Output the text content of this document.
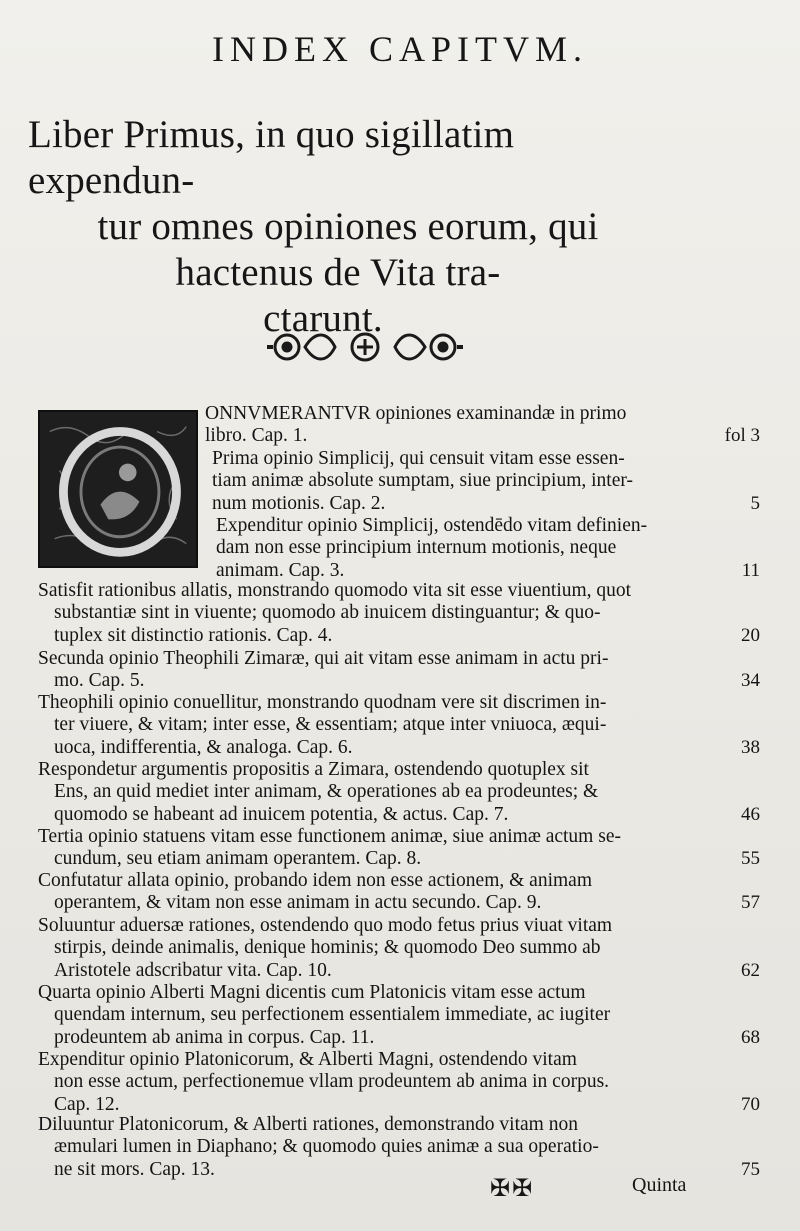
INDEX CAPITVM.
Liber Primus, in quo sigillatim expendun-
tur omnes opiniones eorum, qui
hactenus de Vita tra-
ctarunt.
ONNVMERANTVR opiniones examinandæ in primo
libro. Cap. 1.	fol 3
Prima opinio Simplicij, qui censuit vitam esse essen-
tiam animæ absolute sumptam, siue principium, inter-
num motionis. Cap. 2.	5
Expenditur opinio Simplicij, ostendēdo vitam definien-
dam non esse principium internum motionis, neque
animam. Cap. 3.	11
Satisfit rationibus allatis, monstrando quomodo vita sit esse viuentium, quot
substantiæ sint in viuente; quomodo ab inuicem distinguantur; & quo-
tuplex sit distinctio rationis. Cap. 4.	20
Secunda opinio Theophili Zimaræ, qui ait vitam esse animam in actu pri-
mo. Cap. 5.	34
Theophili opinio conuellitur, monstrando quodnam vere sit discrimen in-
ter viuere, & vitam; inter esse, & essentiam; atque inter vniuoca, æqui-
uoca, indifferentia, & analoga. Cap. 6.	38
Respondetur argumentis propositis a Zimara, ostendendo quotuplex sit
Ens, an quid mediet inter animam, & operationes ab ea prodeuntes; &
quomodo se habeant ad inuicem potentia, & actus. Cap. 7.	46
Tertia opinio statuens vitam esse functionem animæ, siue animæ actum se-
cundum, seu etiam animam operantem. Cap. 8.	55
Confutatur allata opinio, probando idem non esse actionem, & animam
operantem, & vitam non esse animam in actu secundo. Cap. 9.	57
Soluuntur aduersæ rationes, ostendendo quo modo fetus prius viuat vitam
stirpis, deinde animalis, denique hominis; & quomodo Deo summo ab
Aristotele adscribatur vita. Cap. 10.	62
Quarta opinio Alberti Magni dicentis cum Platonicis vitam esse actum
quendam internum, seu perfectionem essentialem immediate, ac iugiter
prodeuntem ab anima in corpus. Cap. 11.	68
Expenditur opinio Platonicorum, & Alberti Magni, ostendendo vitam
non esse actum, perfectionemue vllam prodeuntem ab anima in corpus.
Cap. 12.	70
Diluuntur Platonicorum, & Alberti rationes, demonstrando vitam non
æmulari lumen in Diaphano; & quomodo quies animæ a sua operatio-
ne sit mors. Cap. 13.	75
✠✠	Quinta
